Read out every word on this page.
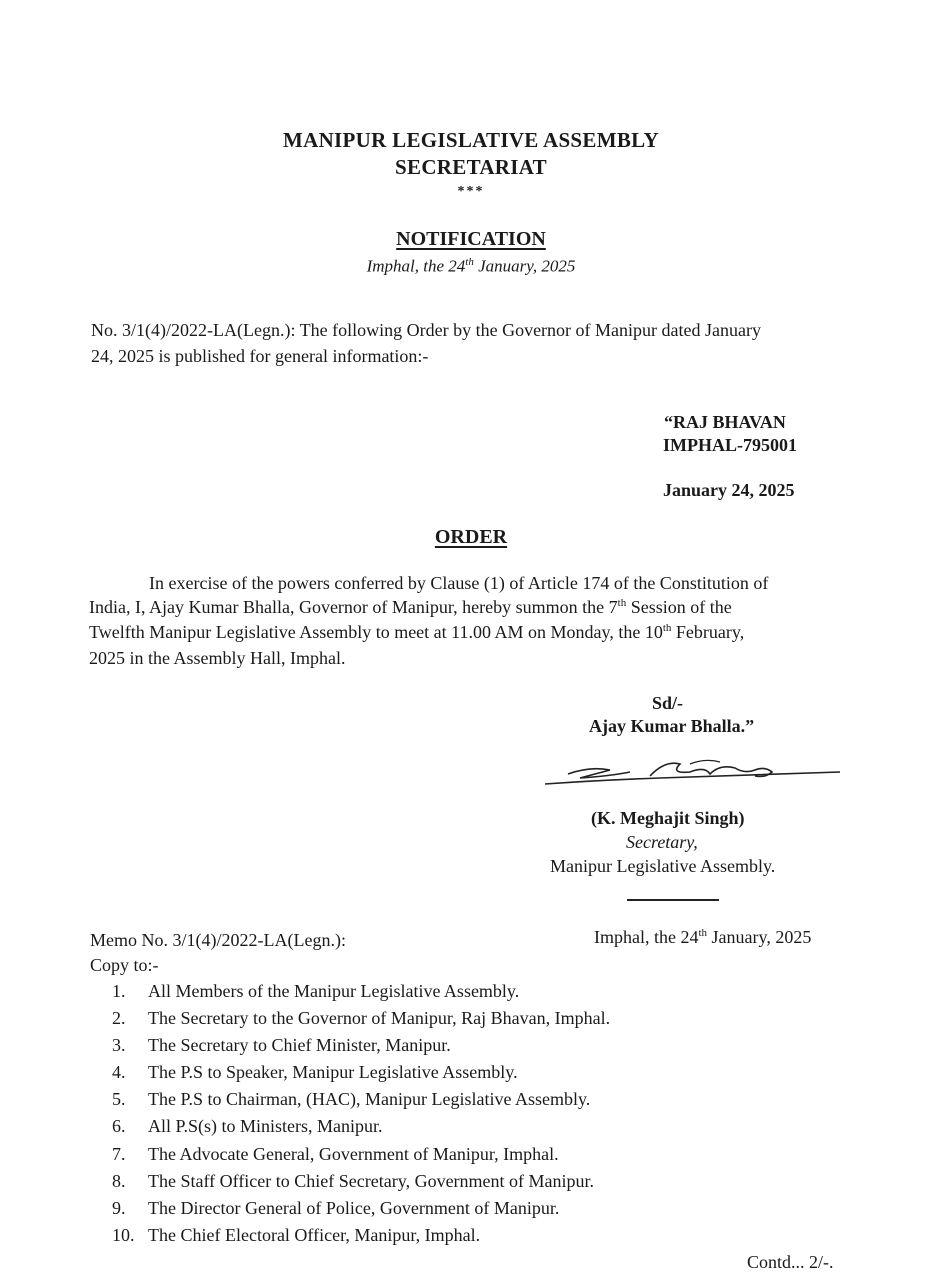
MANIPUR LEGISLATIVE ASSEMBLY
SECRETARIAT
***
NOTIFICATION
Imphal, the 24th January, 2025
No. 3/1(4)/2022-LA(Legn.): The following Order by the Governor of Manipur dated January
24, 2025 is published for general information:-
“RAJ BHAVAN
IMPHAL-795001
January 24, 2025
ORDER
In exercise of the powers conferred by Clause (1) of Article 174 of the Constitution of
India, I, Ajay Kumar Bhalla, Governor of Manipur, hereby summon the 7th Session of the
Twelfth Manipur Legislative Assembly to meet at 11.00 AM on Monday, the 10th February,
2025 in the Assembly Hall, Imphal.
Sd/-
Ajay Kumar Bhalla.”
(K. Meghajit Singh)
Secretary,
Manipur Legislative Assembly.
Memo No. 3/1(4)/2022-LA(Legn.):	Imphal, the 24th January, 2025
Copy to:-
1. All Members of the Manipur Legislative Assembly.
2. The Secretary to the Governor of Manipur, Raj Bhavan, Imphal.
3. The Secretary to Chief Minister, Manipur.
4. The P.S to Speaker, Manipur Legislative Assembly.
5. The P.S to Chairman, (HAC), Manipur Legislative Assembly.
6. All P.S(s) to Ministers, Manipur.
7. The Advocate General, Government of Manipur, Imphal.
8. The Staff Officer to Chief Secretary, Government of Manipur.
9. The Director General of Police, Government of Manipur.
10. The Chief Electoral Officer, Manipur, Imphal.
Contd... 2/-.
